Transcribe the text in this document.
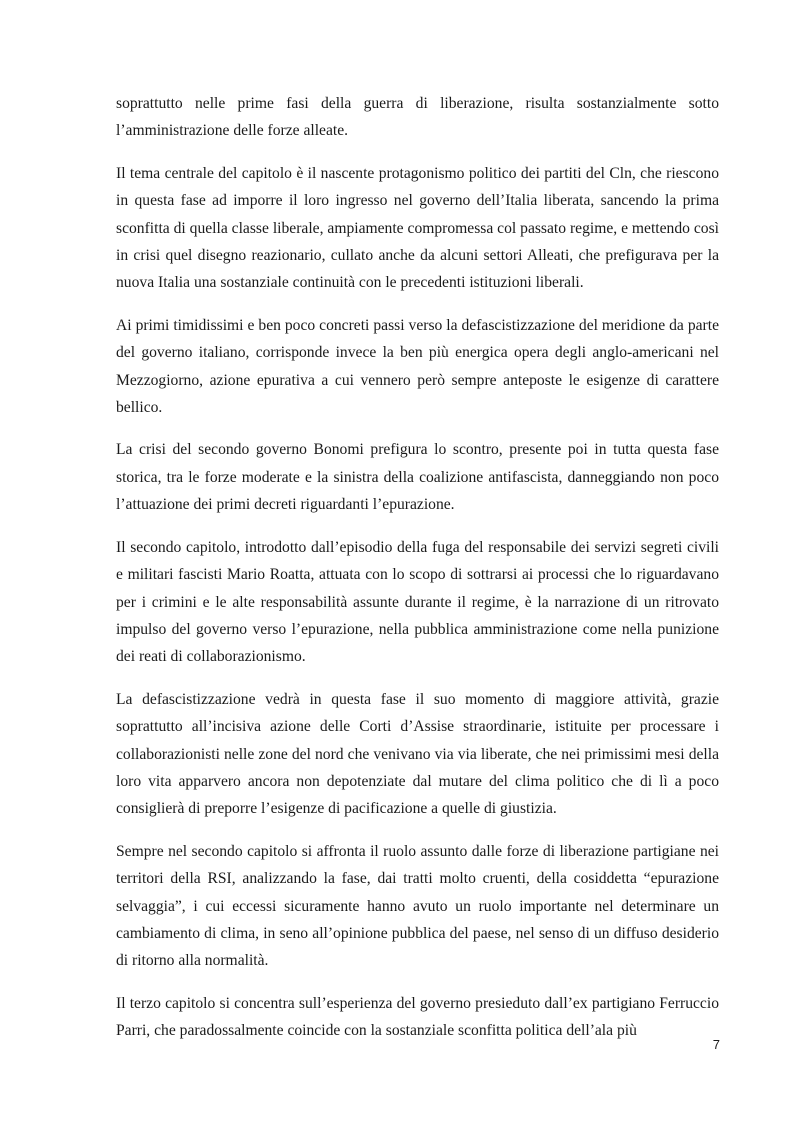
soprattutto nelle prime fasi della guerra di liberazione, risulta sostanzialmente sotto l’amministrazione delle forze alleate.

Il tema centrale del capitolo è il nascente protagonismo politico dei partiti del Cln, che riescono in questa fase ad imporre il loro ingresso nel governo dell’Italia liberata, sancendo la prima sconfitta di quella classe liberale, ampiamente compromessa col passato regime, e mettendo così in crisi quel disegno reazionario, cullato anche da alcuni settori Alleati, che prefigurava per la nuova Italia una sostanziale continuità con le precedenti istituzioni liberali.

Ai primi timidissimi e ben poco concreti passi verso la defascistizzazione del meridione da parte del governo italiano, corrisponde invece la ben più energica opera degli anglo-americani nel Mezzogiorno, azione epurativa a cui vennero però sempre anteposte le esigenze di carattere bellico.

La crisi del secondo governo Bonomi prefigura lo scontro, presente poi in tutta questa fase storica, tra le forze moderate e la sinistra della coalizione antifascista, danneggiando non poco l’attuazione dei primi decreti riguardanti l’epurazione.

Il secondo capitolo, introdotto dall’episodio della fuga del responsabile dei servizi segreti civili e militari fascisti Mario Roatta, attuata con lo scopo di sottrarsi ai processi che lo riguardavano per i crimini e le alte responsabilità assunte durante il regime, è la narrazione di un ritrovato impulso del governo verso l’epurazione, nella pubblica amministrazione come nella punizione dei reati di collaborazionismo.

La defascistizzazione vedrà in questa fase il suo momento di maggiore attività, grazie soprattutto all’incisiva azione delle Corti d’Assise straordinarie, istituite per processare i collaborazionisti nelle zone del nord che venivano via via liberate, che nei primissimi mesi della loro vita apparvero ancora non depotenziate dal mutare del clima politico che di lì a poco consiglierà di preporre l’esigenze di pacificazione a quelle di giustizia.

Sempre nel secondo capitolo si affronta il ruolo assunto dalle forze di liberazione partigiane nei territori della RSI, analizzando la fase, dai tratti molto cruenti, della cosiddetta “epurazione selvaggia”, i cui eccessi sicuramente hanno avuto un ruolo importante nel determinare un cambiamento di clima, in seno all’opinione pubblica del paese, nel senso di un diffuso desiderio di ritorno alla normalità.

Il terzo capitolo si concentra sull’esperienza del governo presieduto dall’ex partigiano Ferruccio Parri, che paradossalmente coincide con la sostanziale sconfitta politica dell’ala più

7
